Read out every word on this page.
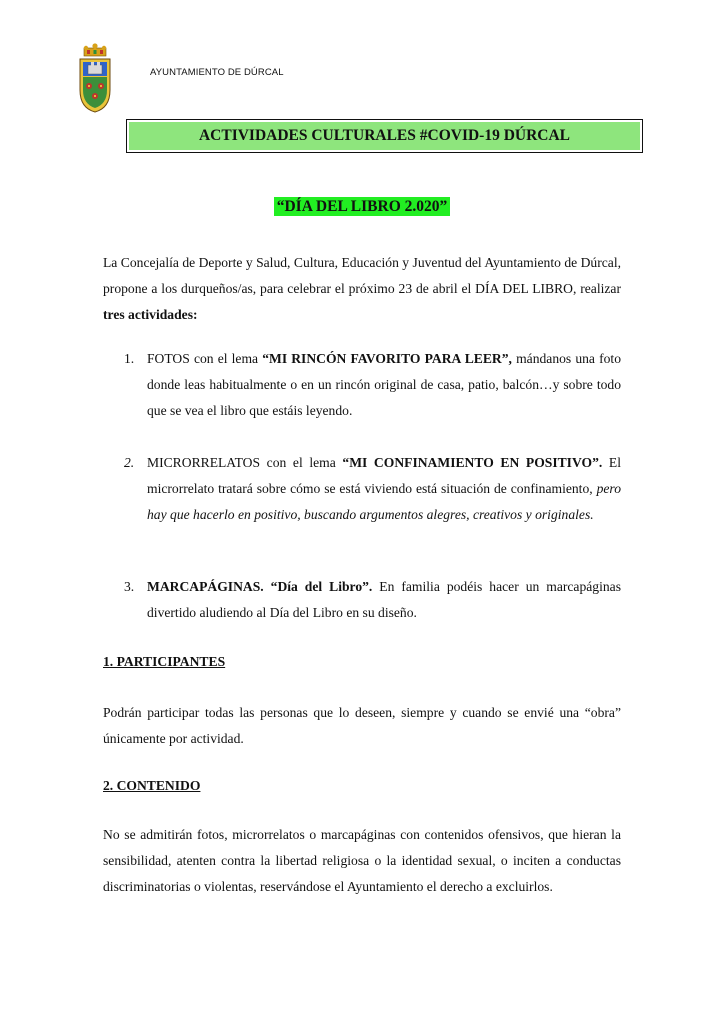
AYUNTAMIENTO DE DÚRCAL
ACTIVIDADES CULTURALES #COVID-19 DÚRCAL
“DÍA DEL LIBRO 2.020”
La Concejalía de Deporte y Salud, Cultura, Educación y Juventud del Ayuntamiento de Dúrcal, propone a los durqueños/as, para celebrar el próximo 23 de abril el DÍA DEL LIBRO, realizar tres actividades:
1. FOTOS con el lema “MI RINCÓN FAVORITO PARA LEER”, mándanos una foto donde leas habitualmente o en un rincón original de casa, patio, balcón…y sobre todo que se vea el libro que estáis leyendo.
2. MICRORRELATOS con el lema “MI CONFINAMIENTO EN POSITIVO”. El microrrelato tratará sobre cómo se está viviendo está situación de confinamiento, pero hay que hacerlo en positivo, buscando argumentos alegres, creativos y originales.
3. MARCAPÁGINAS. “Día del Libro”. En familia podéis hacer un marcapáginas divertido aludiendo al Día del Libro en su diseño.
1. PARTICIPANTES
Podrán participar todas las personas que lo deseen, siempre y cuando se envié una “obra” únicamente por actividad.
2. CONTENIDO
No se admitirán fotos, microrrelatos o marcapáginas con contenidos ofensivos, que hieran la sensibilidad, atenten contra la libertad religiosa o la identidad sexual, o inciten a conductas discriminatorias o violentas, reservándose el Ayuntamiento el derecho a excluirlos.
